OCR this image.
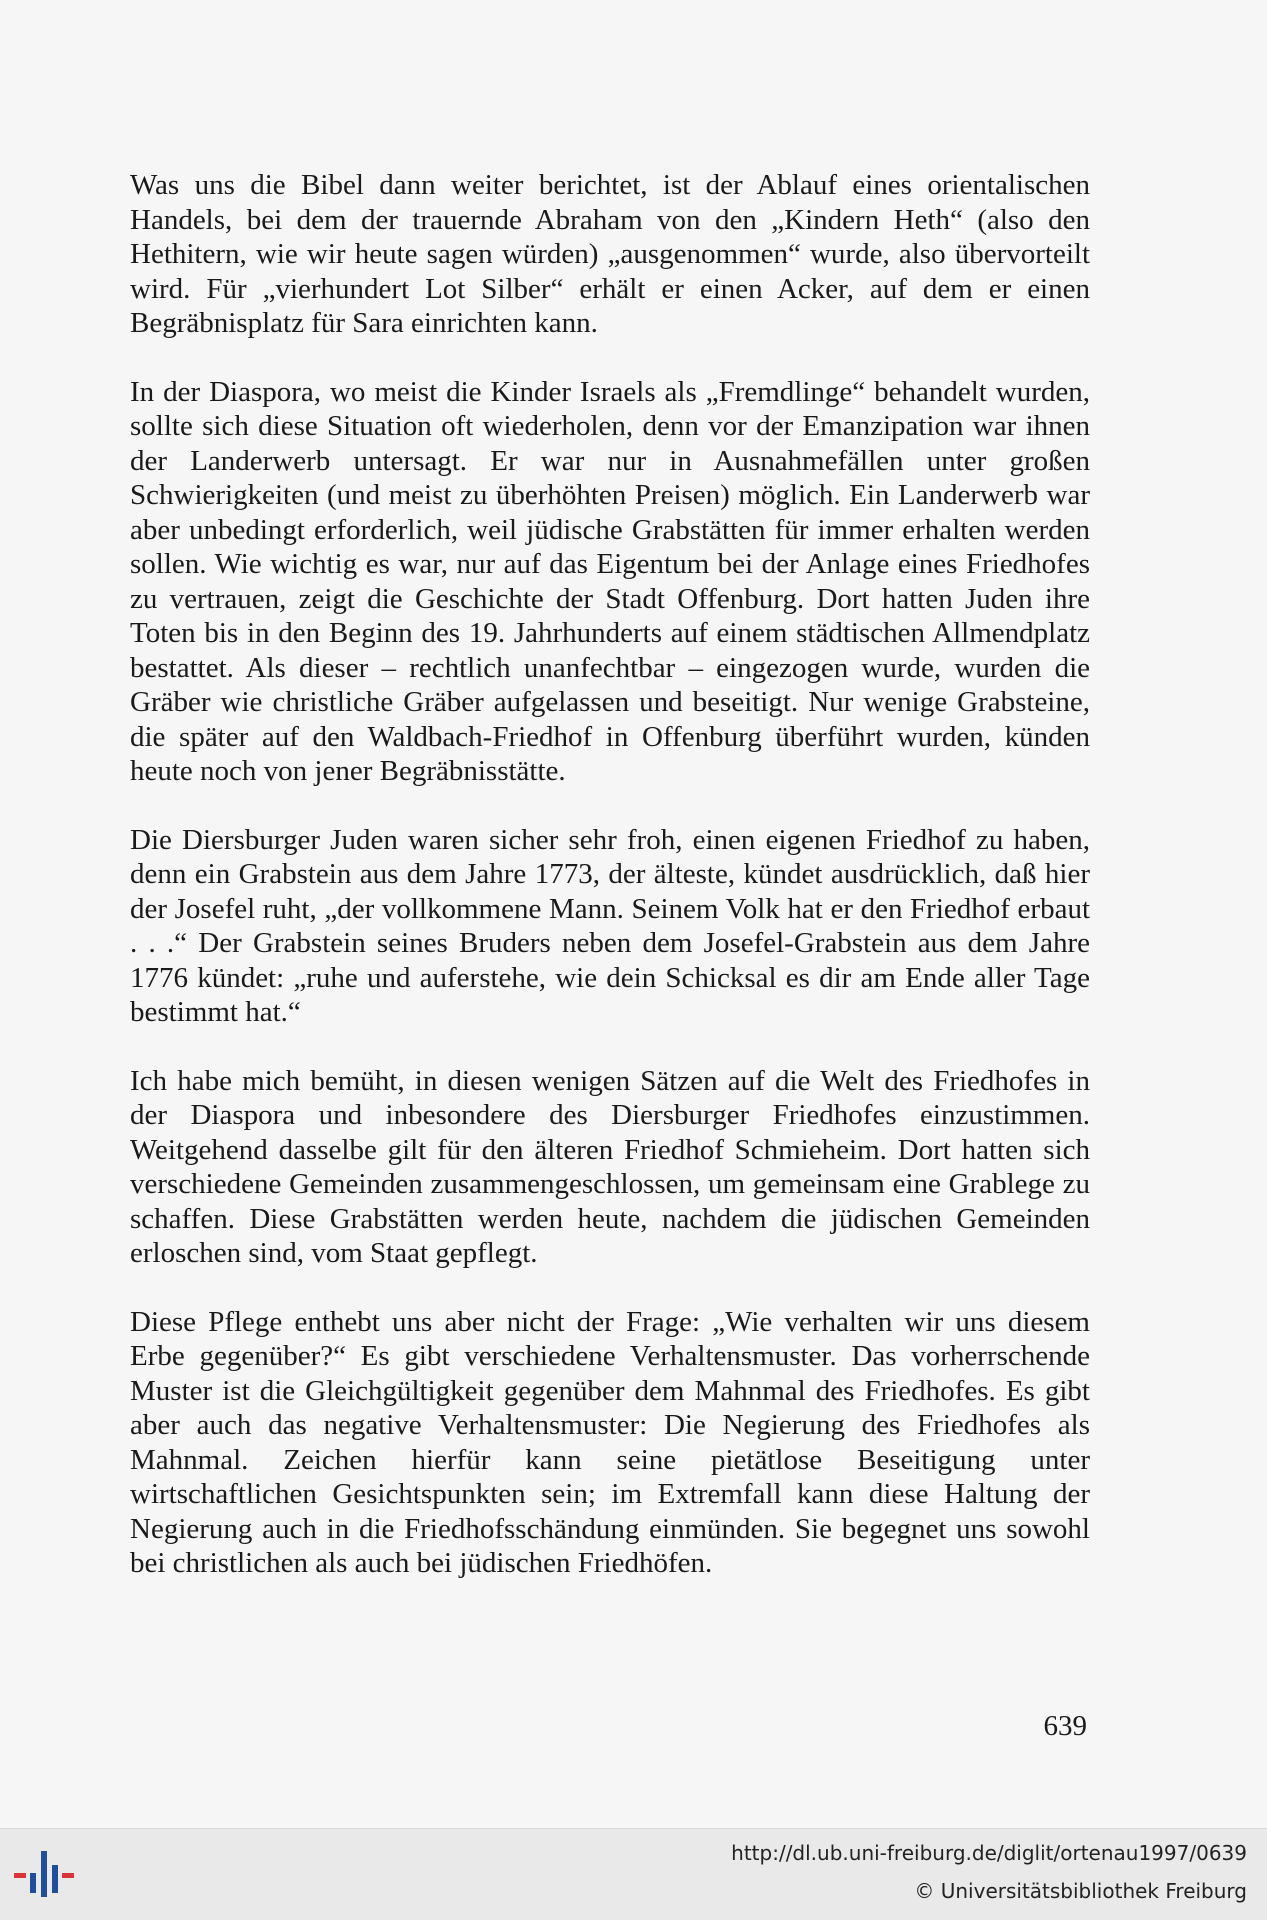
Was uns die Bibel dann weiter berichtet, ist der Ablauf eines orientalischen Handels, bei dem der trauernde Abraham von den „Kindern Heth“ (also den Hethitern, wie wir heute sagen würden) „ausgenommen“ wurde, also übervorteilt wird. Für „vierhundert Lot Silber“ erhält er einen Acker, auf dem er einen Begräbnisplatz für Sara einrichten kann.

In der Diaspora, wo meist die Kinder Israels als „Fremdlinge“ behandelt wurden, sollte sich diese Situation oft wiederholen, denn vor der Emanzipation war ihnen der Landerwerb untersagt. Er war nur in Ausnahmefällen unter großen Schwierigkeiten (und meist zu überhöhten Preisen) möglich. Ein Landerwerb war aber unbedingt erforderlich, weil jüdische Grabstätten für immer erhalten werden sollen. Wie wichtig es war, nur auf das Eigentum bei der Anlage eines Friedhofes zu vertrauen, zeigt die Geschichte der Stadt Offenburg. Dort hatten Juden ihre Toten bis in den Beginn des 19. Jahrhunderts auf einem städtischen Allmendplatz bestattet. Als dieser – rechtlich unanfechtbar – eingezogen wurde, wurden die Gräber wie christliche Gräber aufgelassen und beseitigt. Nur wenige Grabsteine, die später auf den Waldbach-Friedhof in Offenburg überführt wurden, künden heute noch von jener Begräbnisstätte.

Die Diersburger Juden waren sicher sehr froh, einen eigenen Friedhof zu haben, denn ein Grabstein aus dem Jahre 1773, der älteste, kündet ausdrücklich, daß hier der Josefel ruht, „der vollkommene Mann. Seinem Volk hat er den Friedhof erbaut . . .“ Der Grabstein seines Bruders neben dem Josefel-Grabstein aus dem Jahre 1776 kündet: „ruhe und auferstehe, wie dein Schicksal es dir am Ende aller Tage bestimmt hat.“

Ich habe mich bemüht, in diesen wenigen Sätzen auf die Welt des Friedhofes in der Diaspora und inbesondere des Diersburger Friedhofes einzustimmen. Weitgehend dasselbe gilt für den älteren Friedhof Schmieheim. Dort hatten sich verschiedene Gemeinden zusammengeschlossen, um gemeinsam eine Grablege zu schaffen. Diese Grabstätten werden heute, nachdem die jüdischen Gemeinden erloschen sind, vom Staat gepflegt.

Diese Pflege enthebt uns aber nicht der Frage: „Wie verhalten wir uns diesem Erbe gegenüber?“ Es gibt verschiedene Verhaltensmuster. Das vorherrschende Muster ist die Gleichgültigkeit gegenüber dem Mahnmal des Friedhofes. Es gibt aber auch das negative Verhaltensmuster: Die Negierung des Friedhofes als Mahnmal. Zeichen hierfür kann seine pietätlose Beseitigung unter wirtschaftlichen Gesichtspunkten sein; im Extremfall kann diese Haltung der Negierung auch in die Friedhofsschändung einmünden. Sie begegnet uns sowohl bei christlichen als auch bei jüdischen Friedhöfen.

639
http://dl.ub.uni-freiburg.de/diglit/ortenau1997/0639
© Universitätsbibliothek Freiburg
